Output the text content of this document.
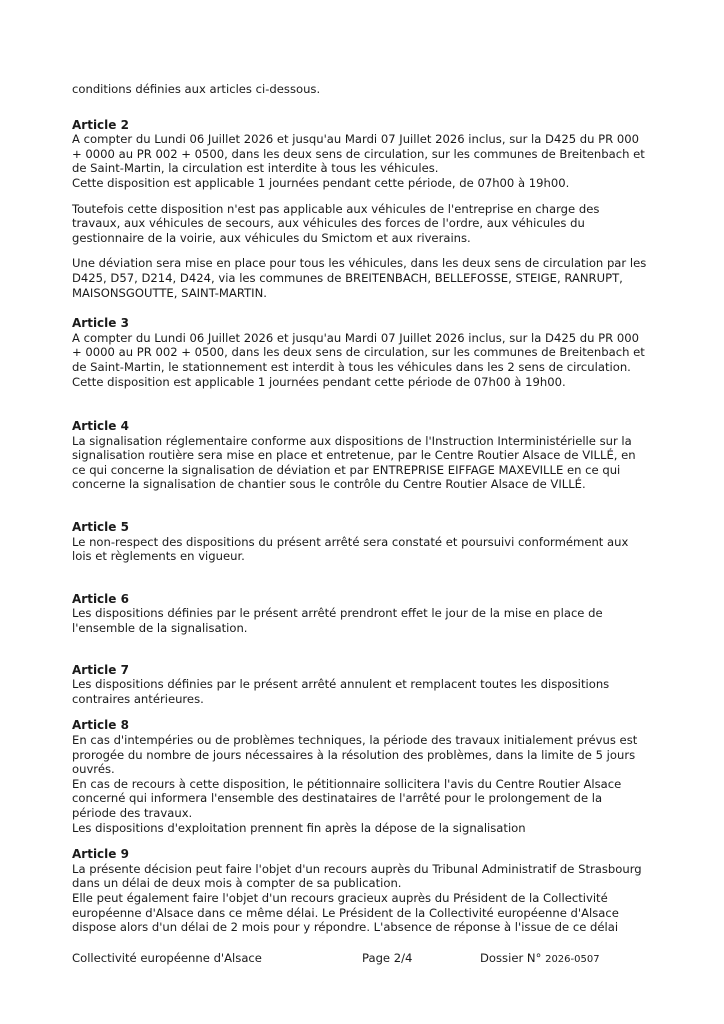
conditions définies aux articles ci-dessous.

Article 2

A compter du Lundi 06 Juillet 2026 et jusqu'au Mardi 07 Juillet 2026 inclus, sur la D425 du PR 000

+ 0000 au PR 002 + 0500, dans les deux sens de circulation, sur les communes de Breitenbach et

de Saint-Martin, la circulation est interdite à tous les véhicules.

Cette disposition est applicable 1 journées pendant cette période, de 07h00 à 19h00.

Toutefois cette disposition n'est pas applicable aux véhicules de l'entreprise en charge des

travaux, aux véhicules de secours, aux véhicules des forces de l'ordre, aux véhicules du

gestionnaire de la voirie, aux véhicules du Smictom et aux riverains.

Une déviation sera mise en place pour tous les véhicules, dans les deux sens de circulation par les

D425, D57, D214, D424, via les communes de BREITENBACH, BELLEFOSSE, STEIGE, RANRUPT,

MAISONSGOUTTE, SAINT-MARTIN.

Article 3

A compter du Lundi 06 Juillet 2026 et jusqu'au Mardi 07 Juillet 2026 inclus, sur la D425 du PR 000

+ 0000 au PR 002 + 0500, dans les deux sens de circulation, sur les communes de Breitenbach et

de Saint-Martin, le stationnement est interdit à tous les véhicules dans les 2 sens de circulation.

Cette disposition est applicable 1 journées pendant cette période de 07h00 à 19h00.

Article 4

La signalisation réglementaire conforme aux dispositions de l'Instruction Interministérielle sur la

signalisation routière sera mise en place et entretenue, par le Centre Routier Alsace de VILLÉ, en

ce qui concerne la signalisation de déviation et par ENTREPRISE EIFFAGE MAXEVILLE en ce qui

concerne la signalisation de chantier sous le contrôle du Centre Routier Alsace de VILLÉ.

Article 5

Le non-respect des dispositions du présent arrêté sera constaté et poursuivi conformément aux

lois et règlements en vigueur.

Article 6

Les dispositions définies par le présent arrêté prendront effet le jour de la mise en place de

l'ensemble de la signalisation.

Article 7

Les dispositions définies par le présent arrêté annulent et remplacent toutes les dispositions

contraires antérieures.

Article 8

En cas d'intempéries ou de problèmes techniques, la période des travaux initialement prévus est

prorogée du nombre de jours nécessaires à la résolution des problèmes, dans la limite de 5 jours

ouvrés.

En cas de recours à cette disposition, le pétitionnaire sollicitera l'avis du Centre Routier Alsace

concerné qui informera l'ensemble des destinataires de l'arrêté pour le prolongement de la

période des travaux.

Les dispositions d'exploitation prennent fin après la dépose de la signalisation

Article 9

La présente décision peut faire l'objet d'un recours auprès du Tribunal Administratif de Strasbourg

dans un délai de deux mois à compter de sa publication.

Elle peut également faire l'objet d'un recours gracieux auprès du Président de la Collectivité

européenne d'Alsace dans ce même délai. Le Président de la Collectivité européenne d'Alsace

dispose alors d'un délai de 2 mois pour y répondre. L'absence de réponse à l'issue de ce délai

Collectivité européenne d'Alsace	Page 2/4	Dossier N° 2026-0507
